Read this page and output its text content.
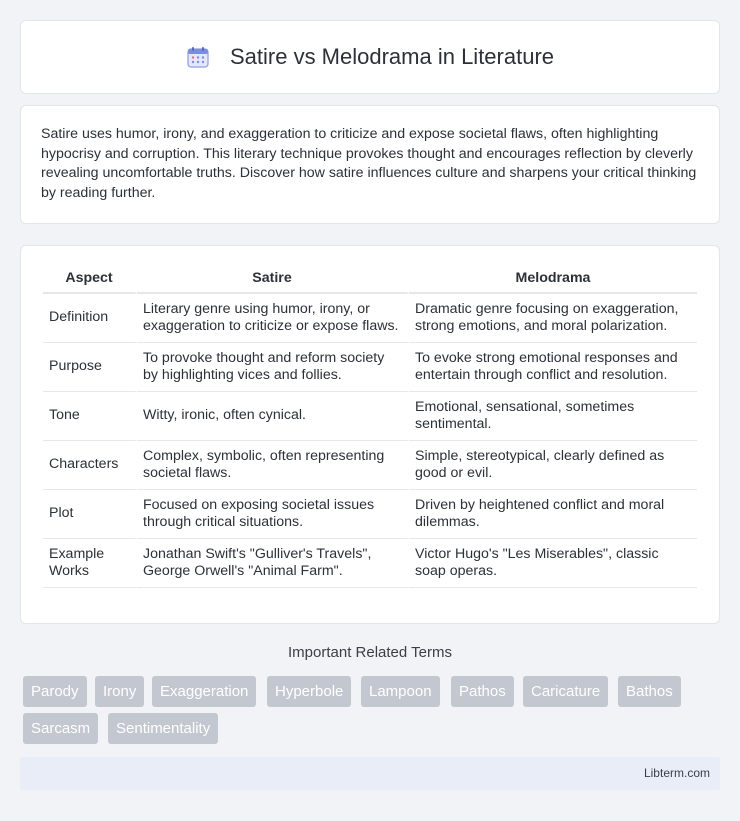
Satire vs Melodrama in Literature

Satire uses humor, irony, and exaggeration to criticize and expose societal flaws, often highlighting hypocrisy and corruption. This literary technique provokes thought and encourages reflection by cleverly revealing uncomfortable truths. Discover how satire influences culture and sharpens your critical thinking by reading further.

Aspect	Satire	Melodrama
Definition	Literary genre using humor, irony, or exaggeration to criticize or expose flaws.	Dramatic genre focusing on exaggeration, strong emotions, and moral polarization.
Purpose	To provoke thought and reform society by highlighting vices and follies.	To evoke strong emotional responses and entertain through conflict and resolution.
Tone	Witty, ironic, often cynical.	Emotional, sensational, sometimes sentimental.
Characters	Complex, symbolic, often representing societal flaws.	Simple, stereotypical, clearly defined as good or evil.
Plot	Focused on exposing societal issues through critical situations.	Driven by heightened conflict and moral dilemmas.
Example Works	Jonathan Swift's "Gulliver's Travels", George Orwell's "Animal Farm".	Victor Hugo's "Les Miserables", classic soap operas.
Important Related Terms
Parody	Irony	Exaggeration	Hyperbole	Lampoon	Pathos	Caricature	Bathos
Sarcasm	Sentimentality
Libterm.com
